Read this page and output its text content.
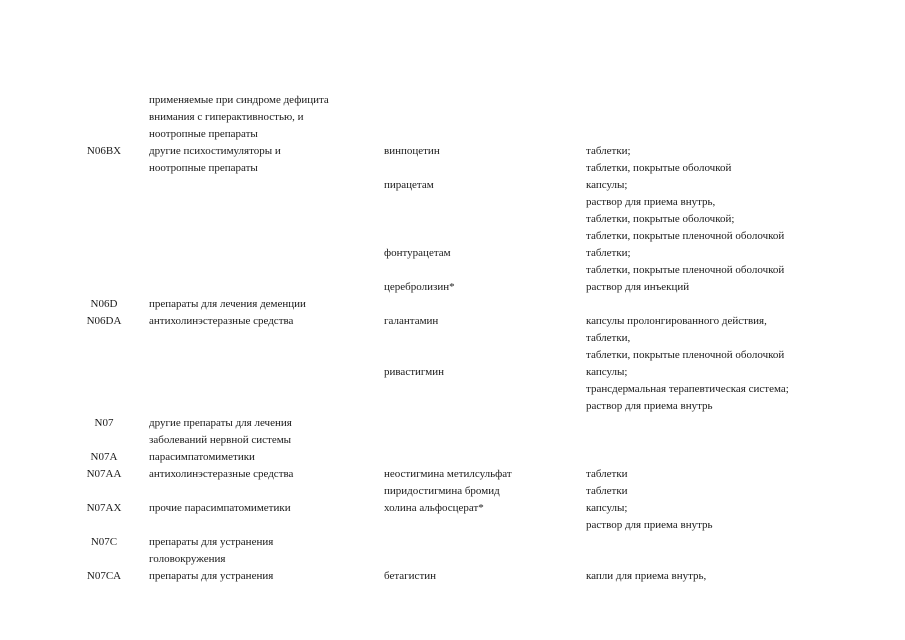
применяемые при синдроме дефицита
внимания с гиперактивностью, и
ноотропные препараты
N06BX	другие психостимуляторы и
ноотропные препараты
винпоцетин	таблетки;
таблетки, покрытые оболочкой
пирацетам	капсулы;
раствор для приема внутрь,
таблетки, покрытые оболочкой;
таблетки, покрытые пленочной оболочкой
фонтурацетам	таблетки;
таблетки, покрытые пленочной оболочкой
церебролизин*	раствор для инъекций
N06D	препараты для лечения деменции
N06DA	антихолинэстеразные средства	галантамин	капсулы пролонгированного действия,
таблетки,
таблетки, покрытые пленочной оболочкой
ривастигмин	капсулы;
трансдермальная терапевтическая система;
раствор для приема внутрь
N07	другие препараты для лечения
заболеваний нервной системы
N07A	парасимпатомиметики
N07AA	антихолинэстеразные средства	неостигмина метилсульфат	таблетки
пиридостигмина бромид	таблетки
N07AX	прочие парасимпатомиметики	холина альфосцерат*	капсулы;
раствор для приема внутрь
N07C	препараты для устранения
головокружения
N07CA	препараты для устранения	бетагистин	капли для приема внутрь,
